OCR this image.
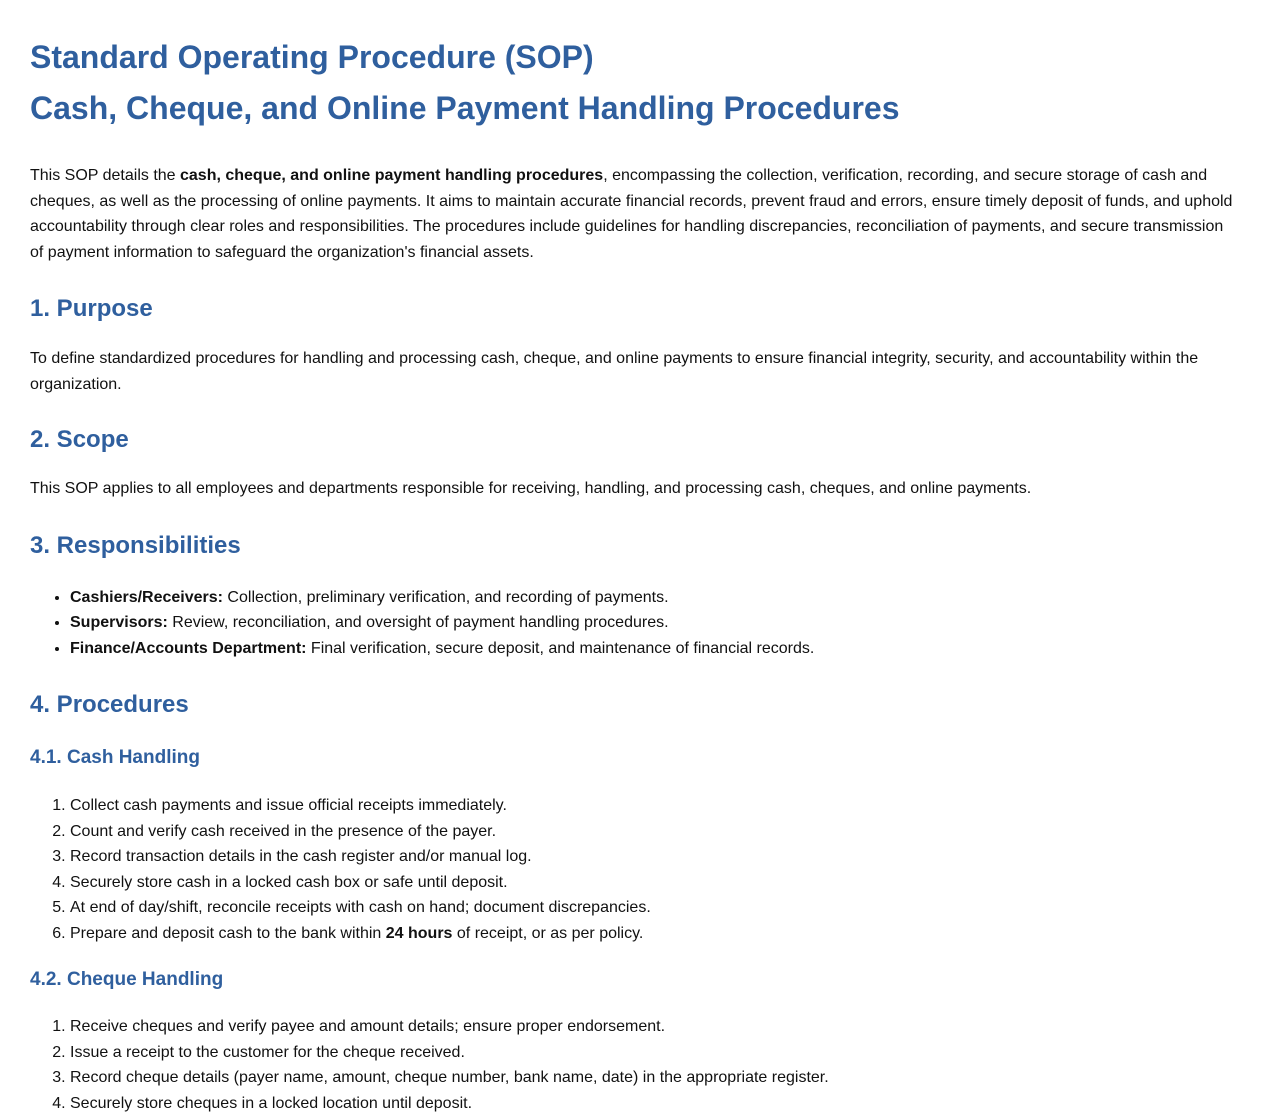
Standard Operating Procedure (SOP)
Cash, Cheque, and Online Payment Handling Procedures

This SOP details the cash, cheque, and online payment handling procedures, encompassing the collection, verification, recording, and secure storage of cash and cheques, as well as the processing of online payments. It aims to maintain accurate financial records, prevent fraud and errors, ensure timely deposit of funds, and uphold accountability through clear roles and responsibilities. The procedures include guidelines for handling discrepancies, reconciliation of payments, and secure transmission of payment information to safeguard the organization's financial assets.

1. Purpose

To define standardized procedures for handling and processing cash, cheque, and online payments to ensure financial integrity, security, and accountability within the organization.

2. Scope

This SOP applies to all employees and departments responsible for receiving, handling, and processing cash, cheques, and online payments.

3. Responsibilities
• Cashiers/Receivers: Collection, preliminary verification, and recording of payments.
• Supervisors: Review, reconciliation, and oversight of payment handling procedures.
• Finance/Accounts Department: Final verification, secure deposit, and maintenance of financial records.
4. Procedures
4.1. Cash Handling
1. Collect cash payments and issue official receipts immediately.
2. Count and verify cash received in the presence of the payer.
3. Record transaction details in the cash register and/or manual log.
4. Securely store cash in a locked cash box or safe until deposit.
5. At end of day/shift, reconcile receipts with cash on hand; document discrepancies.
6. Prepare and deposit cash to the bank within 24 hours of receipt, or as per policy.
4.2. Cheque Handling
1. Receive cheques and verify payee and amount details; ensure proper endorsement.
2. Issue a receipt to the customer for the cheque received.
3. Record cheque details (payer name, amount, cheque number, bank name, date) in the appropriate register.
4. Securely store cheques in a locked location until deposit.
